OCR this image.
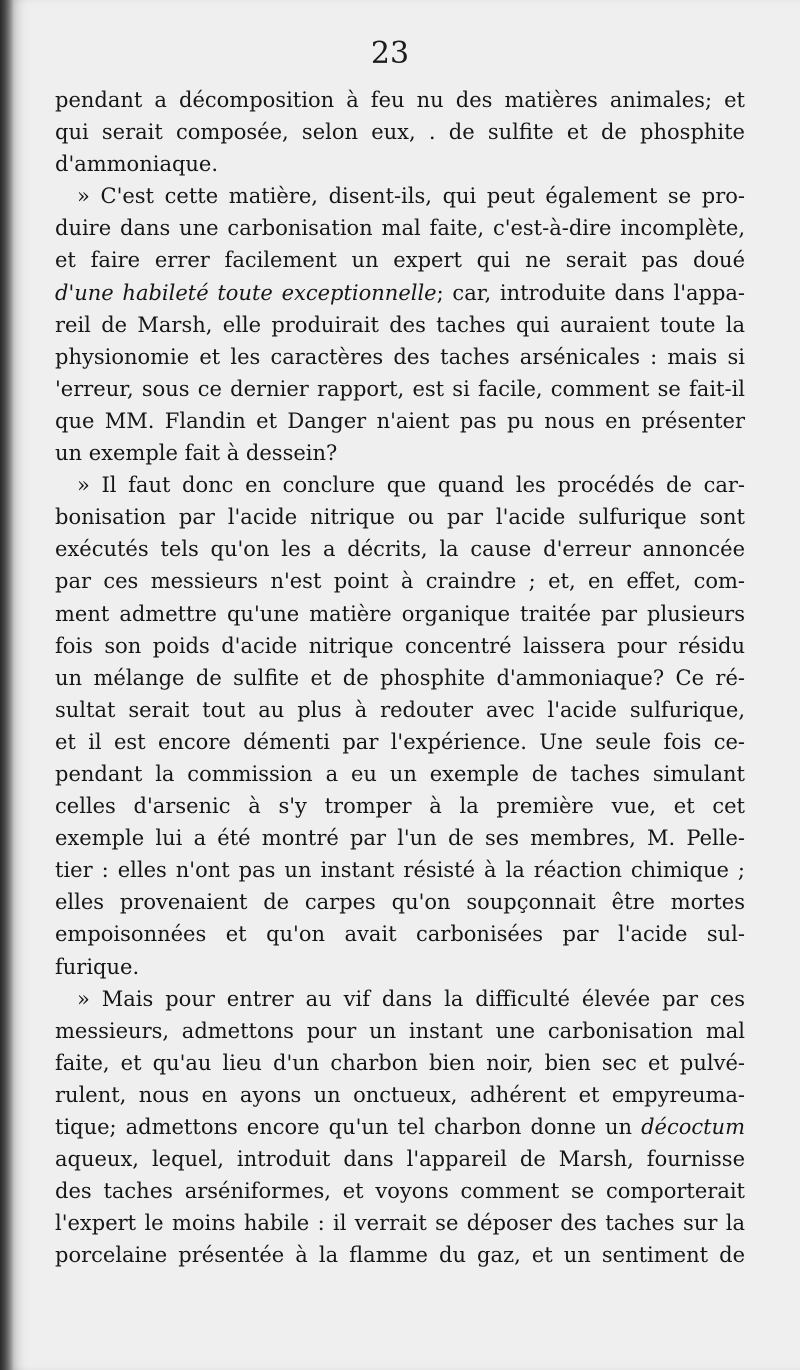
23
pendant a décomposition à feu nu des matières animales; et
qui serait composée, selon eux, . de sulfite et de phosphite
d'ammoniaque.
» C'est cette matière, disent-ils, qui peut également se pro-
duire dans une carbonisation mal faite, c'est-à-dire incomplète,
et faire errer facilement un expert qui ne serait pas doué
d'une habileté toute exceptionnelle; car, introduite dans l'appa-
reil de Marsh, elle produirait des taches qui auraient toute la
physionomie et les caractères des taches arsénicales : mais si
'erreur, sous ce dernier rapport, est si facile, comment se fait-il
que MM. Flandin et Danger n'aient pas pu nous en présenter
un exemple fait à dessein?
» Il faut donc en conclure que quand les procédés de car-
bonisation par l'acide nitrique ou par l'acide sulfurique sont
exécutés tels qu'on les a décrits, la cause d'erreur annoncée
par ces messieurs n'est point à craindre ; et, en effet, com-
ment admettre qu'une matière organique traitée par plusieurs
fois son poids d'acide nitrique concentré laissera pour résidu
un mélange de sulfite et de phosphite d'ammoniaque? Ce ré-
sultat serait tout au plus à redouter avec l'acide sulfurique,
et il est encore démenti par l'expérience. Une seule fois ce-
pendant la commission a eu un exemple de taches simulant
celles d'arsenic à s'y tromper à la première vue, et cet
exemple lui a été montré par l'un de ses membres, M. Pelle-
tier : elles n'ont pas un instant résisté à la réaction chimique ;
elles provenaient de carpes qu'on soupçonnait être mortes
empoisonnées et qu'on avait carbonisées par l'acide sul-
furique.
» Mais pour entrer au vif dans la difficulté élevée par ces
messieurs, admettons pour un instant une carbonisation mal
faite, et qu'au lieu d'un charbon bien noir, bien sec et pulvé-
rulent, nous en ayons un onctueux, adhérent et empyreuma-
tique; admettons encore qu'un tel charbon donne un décoctum
aqueux, lequel, introduit dans l'appareil de Marsh, fournisse
des taches arséniformes, et voyons comment se comporterait
l'expert le moins habile : il verrait se déposer des taches sur la
porcelaine présentée à la flamme du gaz, et un sentiment de
